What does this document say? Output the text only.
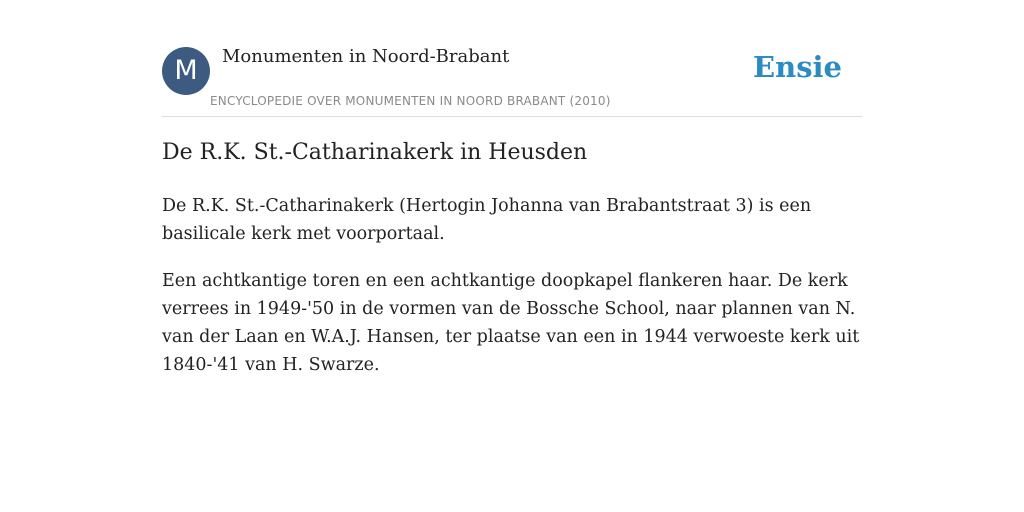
M	Monumenten in Noord-Brabant
ENCYCLOPEDIE OVER MONUMENTEN IN NOORD BRABANT (2010)
Ensie
De R.K. St.-Catharinakerk in Heusden

De R.K. St.-Catharinakerk (Hertogin Johanna van Brabantstraat 3) is een basilicale kerk met voorportaal.

Een achtkantige toren en een achtkantige doopkapel flankeren haar. De kerk verrees in 1949-'50 in de vormen van de Bossche School, naar plannen van N. van der Laan en W.A.J. Hansen, ter plaatse van een in 1944 verwoeste kerk uit 1840-'41 van H. Swarze.
